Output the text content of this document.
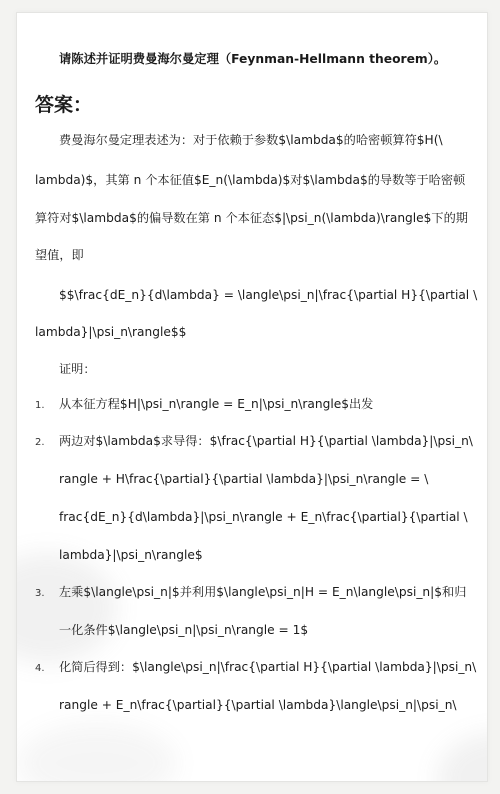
请陈述并证明费曼海尔曼定理（Feynman-Hellmann theorem）。
答案：
费曼海尔曼定理表述为：对于依赖于参数$\lambda$的哈密顿算符$H(\
lambda)$，其第 n 个本征值$E_n(\lambda)$对$\lambda$的导数等于哈密顿
算符对$\lambda$的偏导数在第 n 个本征态$|\psi_n(\lambda)\rangle$下的期
望值，即
$$\frac{dE_n}{d\lambda} = \langle\psi_n|\frac{\partial H}{\partial \
lambda}|\psi_n\rangle$$
证明：
1. 从本征方程$H|\psi_n\rangle = E_n|\psi_n\rangle$出发
2. 两边对$\lambda$求导得：$\frac{\partial H}{\partial \lambda}|\psi_n\
rangle + H\frac{\partial}{\partial \lambda}|\psi_n\rangle = \
frac{dE_n}{d\lambda}|\psi_n\rangle + E_n\frac{\partial}{\partial \
lambda}|\psi_n\rangle$
3. 左乘$\langle\psi_n|$并利用$\langle\psi_n|H = E_n\langle\psi_n|$和归
一化条件$\langle\psi_n|\psi_n\rangle = 1$
4. 化简后得到：$\langle\psi_n|\frac{\partial H}{\partial \lambda}|\psi_n\
rangle + E_n\frac{\partial}{\partial \lambda}\langle\psi_n|\psi_n\
